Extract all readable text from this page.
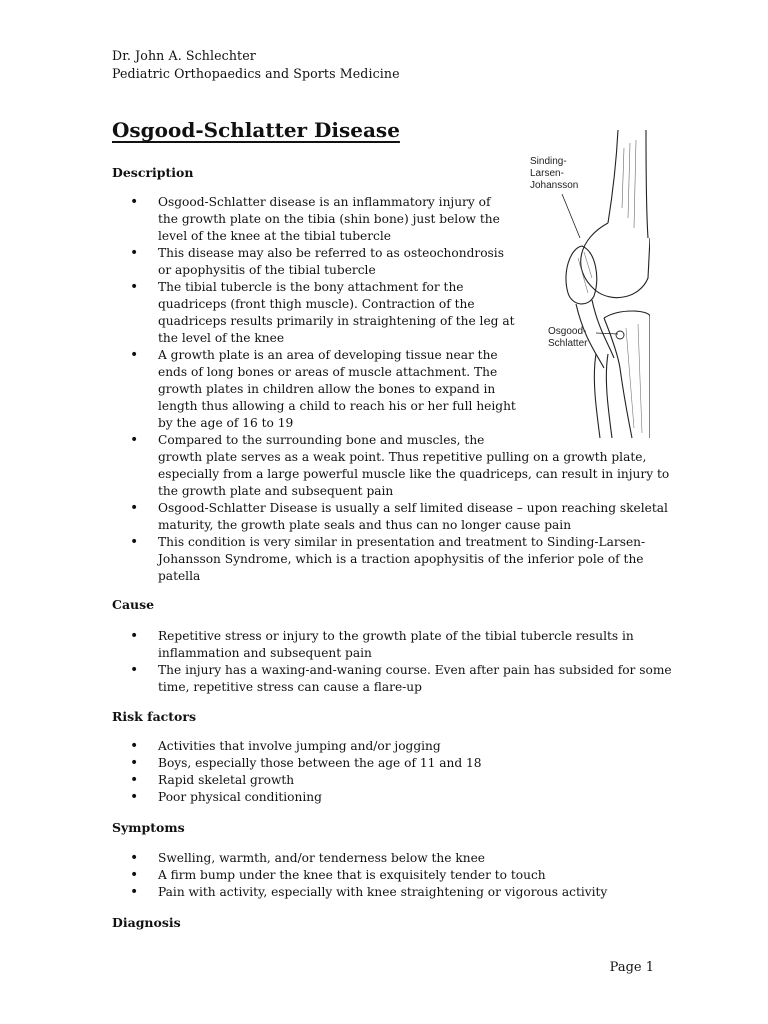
Dr. John A. Schlechter
Pediatric Orthopaedics and Sports Medicine
Osgood-Schlatter Disease
Sinding-
Larsen-
Johansson
Osgood-
Schlatter
Description
• Osgood-Schlatter disease is an inflammatory injury of
the growth plate on the tibia (shin bone) just below the
level of the knee at the tibial tubercle
• This disease may also be referred to as osteochondrosis
or apophysitis of the tibial tubercle
• The tibial tubercle is the bony attachment for the
quadriceps (front thigh muscle). Contraction of the
quadriceps results primarily in straightening of the leg at
the level of the knee
• A growth plate is an area of developing tissue near the
ends of long bones or areas of muscle attachment. The
growth plates in children allow the bones to expand in
length thus allowing a child to reach his or her full height
by the age of 16 to 19
• Compared to the surrounding bone and muscles, the
growth plate serves as a weak point. Thus repetitive pulling on a growth plate,
especially from a large powerful muscle like the quadriceps, can result in injury to
the growth plate and subsequent pain
• Osgood-Schlatter Disease is usually a self limited disease – upon reaching skeletal
maturity, the growth plate seals and thus can no longer cause pain
• This condition is very similar in presentation and treatment to Sinding-Larsen-
Johansson Syndrome, which is a traction apophysitis of the inferior pole of the
patella
Cause
• Repetitive stress or injury to the growth plate of the tibial tubercle results in
inflammation and subsequent pain
• The injury has a waxing-and-waning course. Even after pain has subsided for some
time, repetitive stress can cause a flare-up
Risk factors
• Activities that involve jumping and/or jogging
• Boys, especially those between the age of 11 and 18
• Rapid skeletal growth
• Poor physical conditioning
Symptoms
• Swelling, warmth, and/or tenderness below the knee
• A firm bump under the knee that is exquisitely tender to touch
• Pain with activity, especially with knee straightening or vigorous activity
Diagnosis
Page 1
